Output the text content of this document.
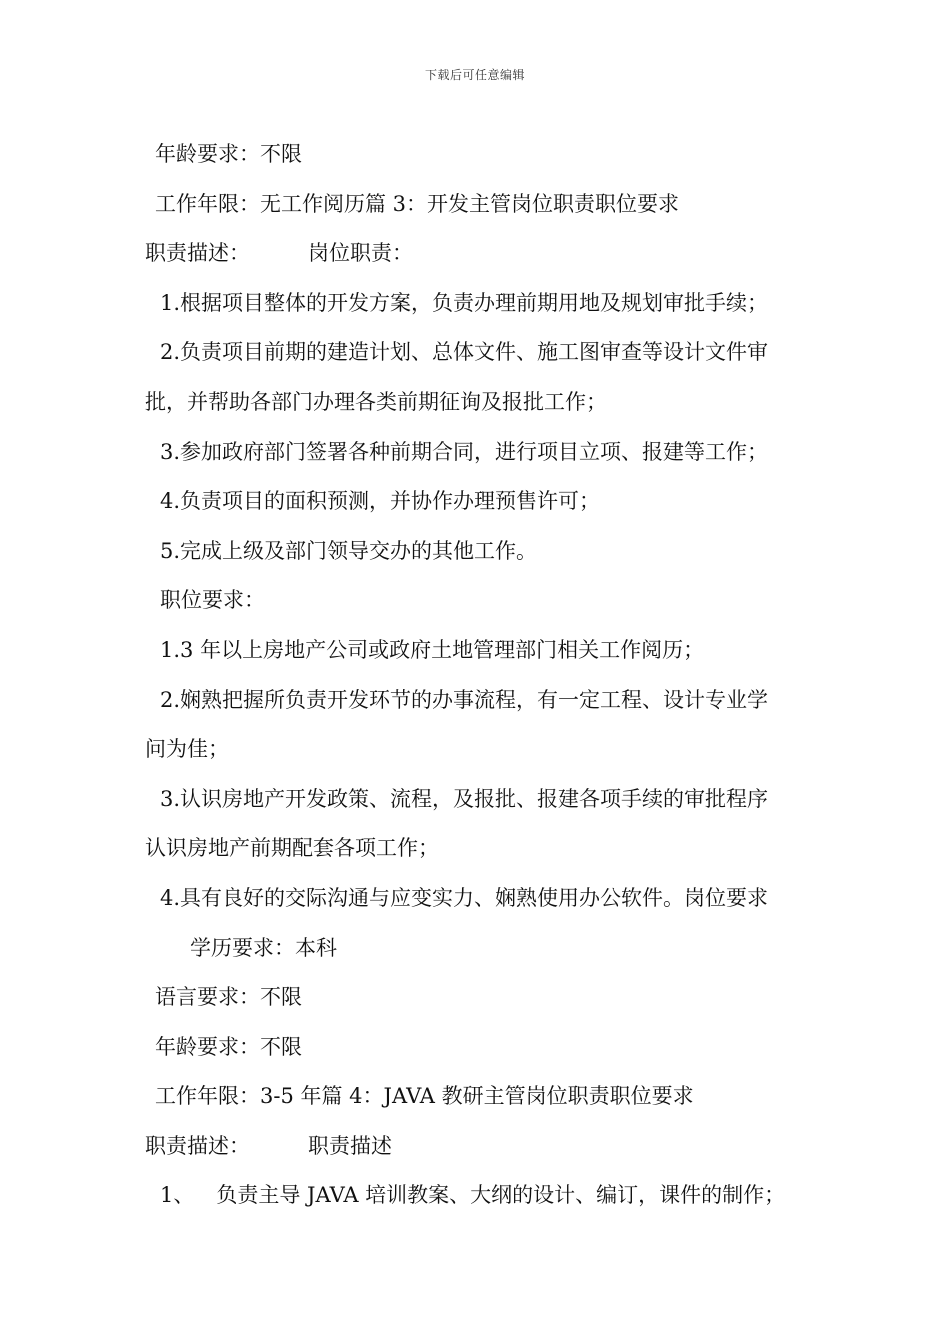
下载后可任意编辑
年龄要求：不限
工作年限：无工作阅历篇 3：开发主管岗位职责职位要求
职责描述：	岗位职责：
1.根据项目整体的开发方案，负责办理前期用地及规划审批手续；
2.负责项目前期的建造计划、总体文件、施工图审查等设计文件审
批，并帮助各部门办理各类前期征询及报批工作；
3.参加政府部门签署各种前期合同，进行项目立项、报建等工作；
4.负责项目的面积预测，并协作办理预售许可；
5.完成上级及部门领导交办的其他工作。
职位要求：
1.3 年以上房地产公司或政府土地管理部门相关工作阅历；
2.娴熟把握所负责开发环节的办事流程，有一定工程、设计专业学
问为佳；
3.认识房地产开发政策、流程，及报批、报建各项手续的审批程序
认识房地产前期配套各项工作；
4.具有良好的交际沟通与应变实力、娴熟使用办公软件。岗位要求
学历要求：本科
语言要求：不限
年龄要求：不限
工作年限：3-5 年篇 4：JAVA 教研主管岗位职责职位要求
职责描述：	职责描述
1、 负责主导 JAVA 培训教案、大纲的设计、编订，课件的制作；
